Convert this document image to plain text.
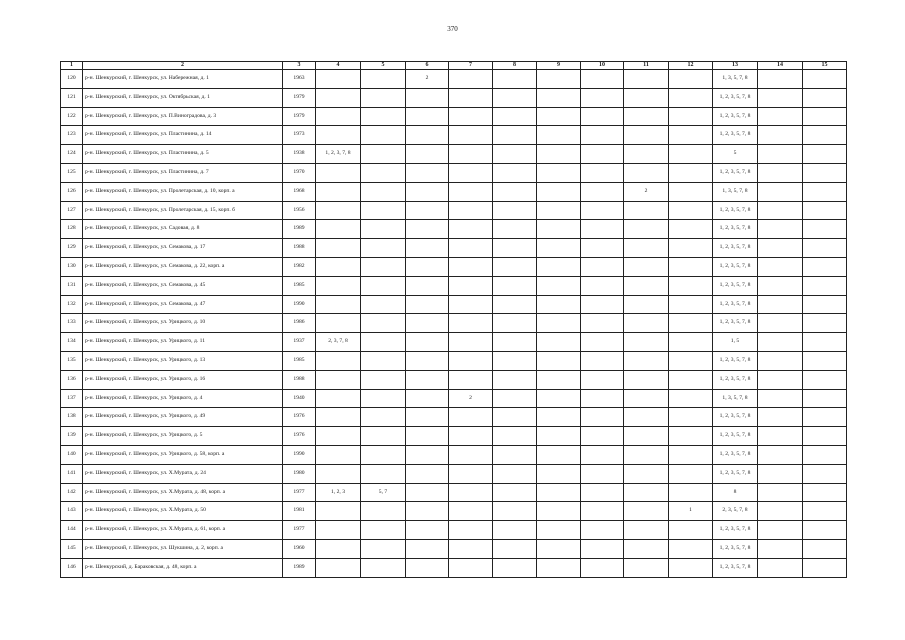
370
1	2	3	4	5	6	7	8	9	10	11	12	13	14	15
120	р-н. Шенкурский, г. Шенкурск, ул. Набережная, д. 1	1963			2							1, 3, 5, 7, 8		
121	р-н. Шенкурский, г. Шенкурск, ул. Октябрьская, д. 1	1979										1, 2, 3, 5, 7, 8		
122	р-н. Шенкурский, г. Шенкурск, ул. П.Виноградова, д. 3	1979										1, 2, 3, 5, 7, 8		
123	р-н. Шенкурский, г. Шенкурск, ул. Пластинина, д. 14	1973										1, 2, 3, 5, 7, 8		
124	р-н. Шенкурский, г. Шенкурск, ул. Пластинина, д. 5	1938	1, 2, 3, 7, 8									5		
125	р-н. Шенкурский, г. Шенкурск, ул. Пластинина, д. 7	1970										1, 2, 3, 5, 7, 8		
126	р-н. Шенкурский, г. Шенкурск, ул. Пролетарская, д. 10, корп. а	1968								2		1, 3, 5, 7, 8		
127	р-н. Шенкурский, г. Шенкурск, ул. Пролетарская, д. 15, корп. б	1956										1, 2, 3, 5, 7, 8		
128	р-н. Шенкурский, г. Шенкурск, ул. Садовая, д. 8	1989										1, 2, 3, 5, 7, 8		
129	р-н. Шенкурский, г. Шенкурск, ул. Семакова, д. 17	1988										1, 2, 3, 5, 7, 8		
130	р-н. Шенкурский, г. Шенкурск, ул. Семакова, д. 22, корп. а	1982										1, 2, 3, 5, 7, 8		
131	р-н. Шенкурский, г. Шенкурск, ул. Семакова, д. 45	1985										1, 2, 3, 5, 7, 8		
132	р-н. Шенкурский, г. Шенкурск, ул. Семакова, д. 47	1990										1, 2, 3, 5, 7, 8		
133	р-н. Шенкурский, г. Шенкурск, ул. Урицкого, д. 10	1986										1, 2, 3, 5, 7, 8		
134	р-н. Шенкурский, г. Шенкурск, ул. Урицкого, д. 11	1937	2, 3, 7, 8									1, 5		
135	р-н. Шенкурский, г. Шенкурск, ул. Урицкого, д. 13	1985										1, 2, 3, 5, 7, 8		
136	р-н. Шенкурский, г. Шенкурск, ул. Урицкого, д. 16	1988										1, 2, 3, 5, 7, 8		
137	р-н. Шенкурский, г. Шенкурск, ул. Урицкого, д. 4	1940				2						1, 3, 5, 7, 8		
138	р-н. Шенкурский, г. Шенкурск, ул. Урицкого, д. 49	1976										1, 2, 3, 5, 7, 8		
139	р-н. Шенкурский, г. Шенкурск, ул. Урицкого, д. 5	1976										1, 2, 3, 5, 7, 8		
140	р-н. Шенкурский, г. Шенкурск, ул. Урицкого, д. 58, корп. а	1990										1, 2, 3, 5, 7, 8		
141	р-н. Шенкурский, г. Шенкурск, ул. Х.Мурата, д. 24	1980										1, 2, 3, 5, 7, 8		
142	р-н. Шенкурский, г. Шенкурск, ул. Х.Мурата, д. 48, корп. а	1977	1, 2, 3	5, 7								8		
143	р-н. Шенкурский, г. Шенкурск, ул. Х.Мурата, д. 50	1981									1	2, 3, 5, 7, 8		
144	р-н. Шенкурский, г. Шенкурск, ул. Х.Мурата, д. 61, корп. а	1977										1, 2, 3, 5, 7, 8		
145	р-н. Шенкурский, г. Шенкурск, ул. Шукшина, д. 2, корп. а	1960										1, 2, 3, 5, 7, 8		
146	р-н. Шенкурский, д. Бараковская, д. 48, корп. а	1989										1, 2, 3, 5, 7, 8		
